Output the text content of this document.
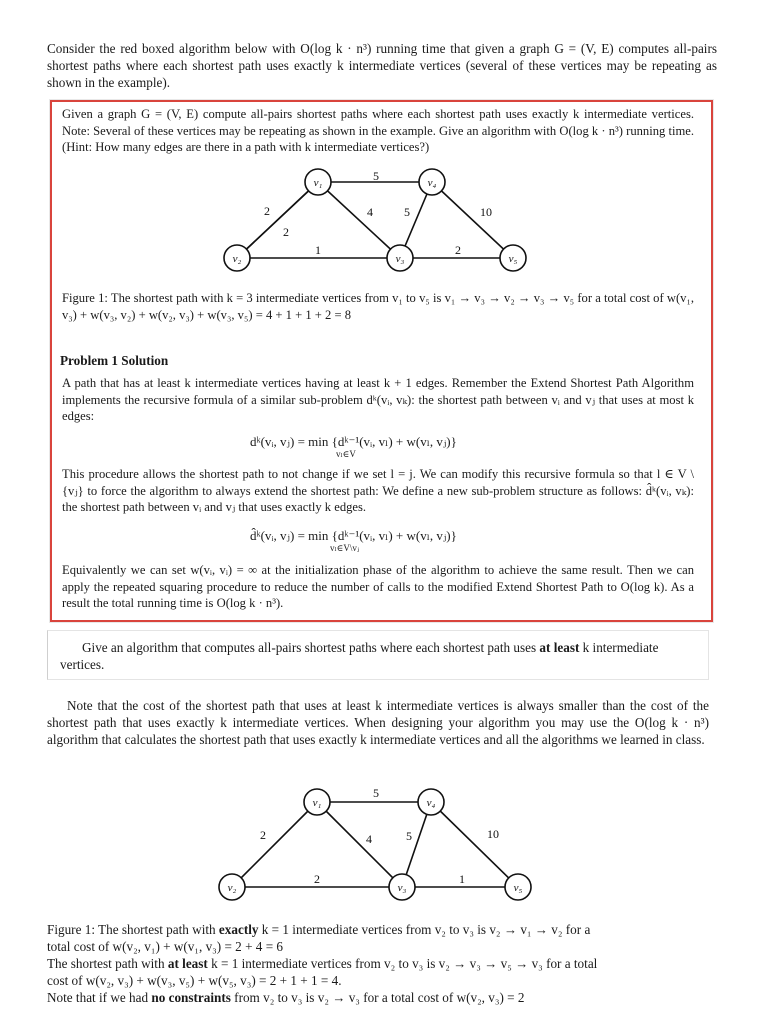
Consider the red boxed algorithm below with O(log k · n³) running time that given a graph G = (V, E) computes all-pairs shortest paths where each shortest path uses exactly k intermediate vertices (several of these vertices may be repeating as shown in the example).
Given a graph G = (V, E) compute all-pairs shortest paths where each shortest path uses exactly k intermediate vertices. Note: Several of these vertices may be repeating as shown in the example. Give an algorithm with O(log k · n³) running time. (Hint: How many edges are there in a path with k intermediate vertices?)
5
2
2
4	5	10
1	2
v₁
v₂	v₃
v₄
v₅
Figure 1: The shortest path with k = 3 intermediate vertices from v₁ to v₅ is v₁ → v₃ → v₂ → v₃ → v₅ for a total cost of w(v₁, v₃) + w(v₃, v₂) + w(v₂, v₃) + w(v₃, v₅) = 4 + 1 + 1 + 2 = 8
Problem 1 Solution
A path that has at least k intermediate vertices having at least k + 1 edges. Remember the Extend Shortest Path Algorithm implements the recursive formula of a similar sub-problem dᵏ(vᵢ, vₖ): the shortest path between vᵢ and vⱼ that uses at most k edges:
dᵏ(vᵢ, vⱼ) = min {dᵏ⁻¹(vᵢ, vₗ) + w(vₗ, vⱼ)}
vₗ∈V
This procedure allows the shortest path to not change if we set l = j. We can modify this recursive formula so that l ∈ V \ {vⱼ} to force the algorithm to always extend the shortest path: We define a new sub-problem structure as follows: d̂ᵏ(vᵢ, vₖ): the shortest path between vᵢ and vⱼ that uses exactly k edges.
d̂ᵏ(vᵢ, vⱼ) = min {dᵏ⁻¹(vᵢ, vₗ) + w(vₗ, vⱼ)}
vₗ∈V\vⱼ
Equivalently we can set w(vᵢ, vᵢ) = ∞ at the initialization phase of the algorithm to achieve the same result. Then we can apply the repeated squaring procedure to reduce the number of calls to the modified Extend Shortest Path to O(log k). As a result the total running time is O(log k · n³).
Give an algorithm that computes all-pairs shortest paths where each shortest path uses at least k intermediate vertices.
Note that the cost of the shortest path that uses at least k intermediate vertices is always smaller than the cost of the shortest path that uses exactly k intermediate vertices. When designing your algorithm you may use the O(log k · n³) algorithm that calculates the shortest path that uses exactly k intermediate vertices and all the algorithms we learned in class.
5
2	4	5	10
2	1
v₁
v₂	v₃
v₄
v₅
Figure 1: The shortest path with exactly k = 1 intermediate vertices from v₂ to v₃ is v₂ → v₁ → v₂ for a
total cost of w(v₂, v₁) + w(v₁, v₃) = 2 + 4 = 6
The shortest path with at least k = 1 intermediate vertices from v₂ to v₃ is v₂ → v₃ → v₅ → v₃ for a total
cost of w(v₂, v₃) + w(v₃, v₅) + w(v₅, v₃) = 2 + 1 + 1 = 4.
Note that if we had no constraints from v₂ to v₃ is v₂ → v₃ for a total cost of w(v₂, v₃) = 2
